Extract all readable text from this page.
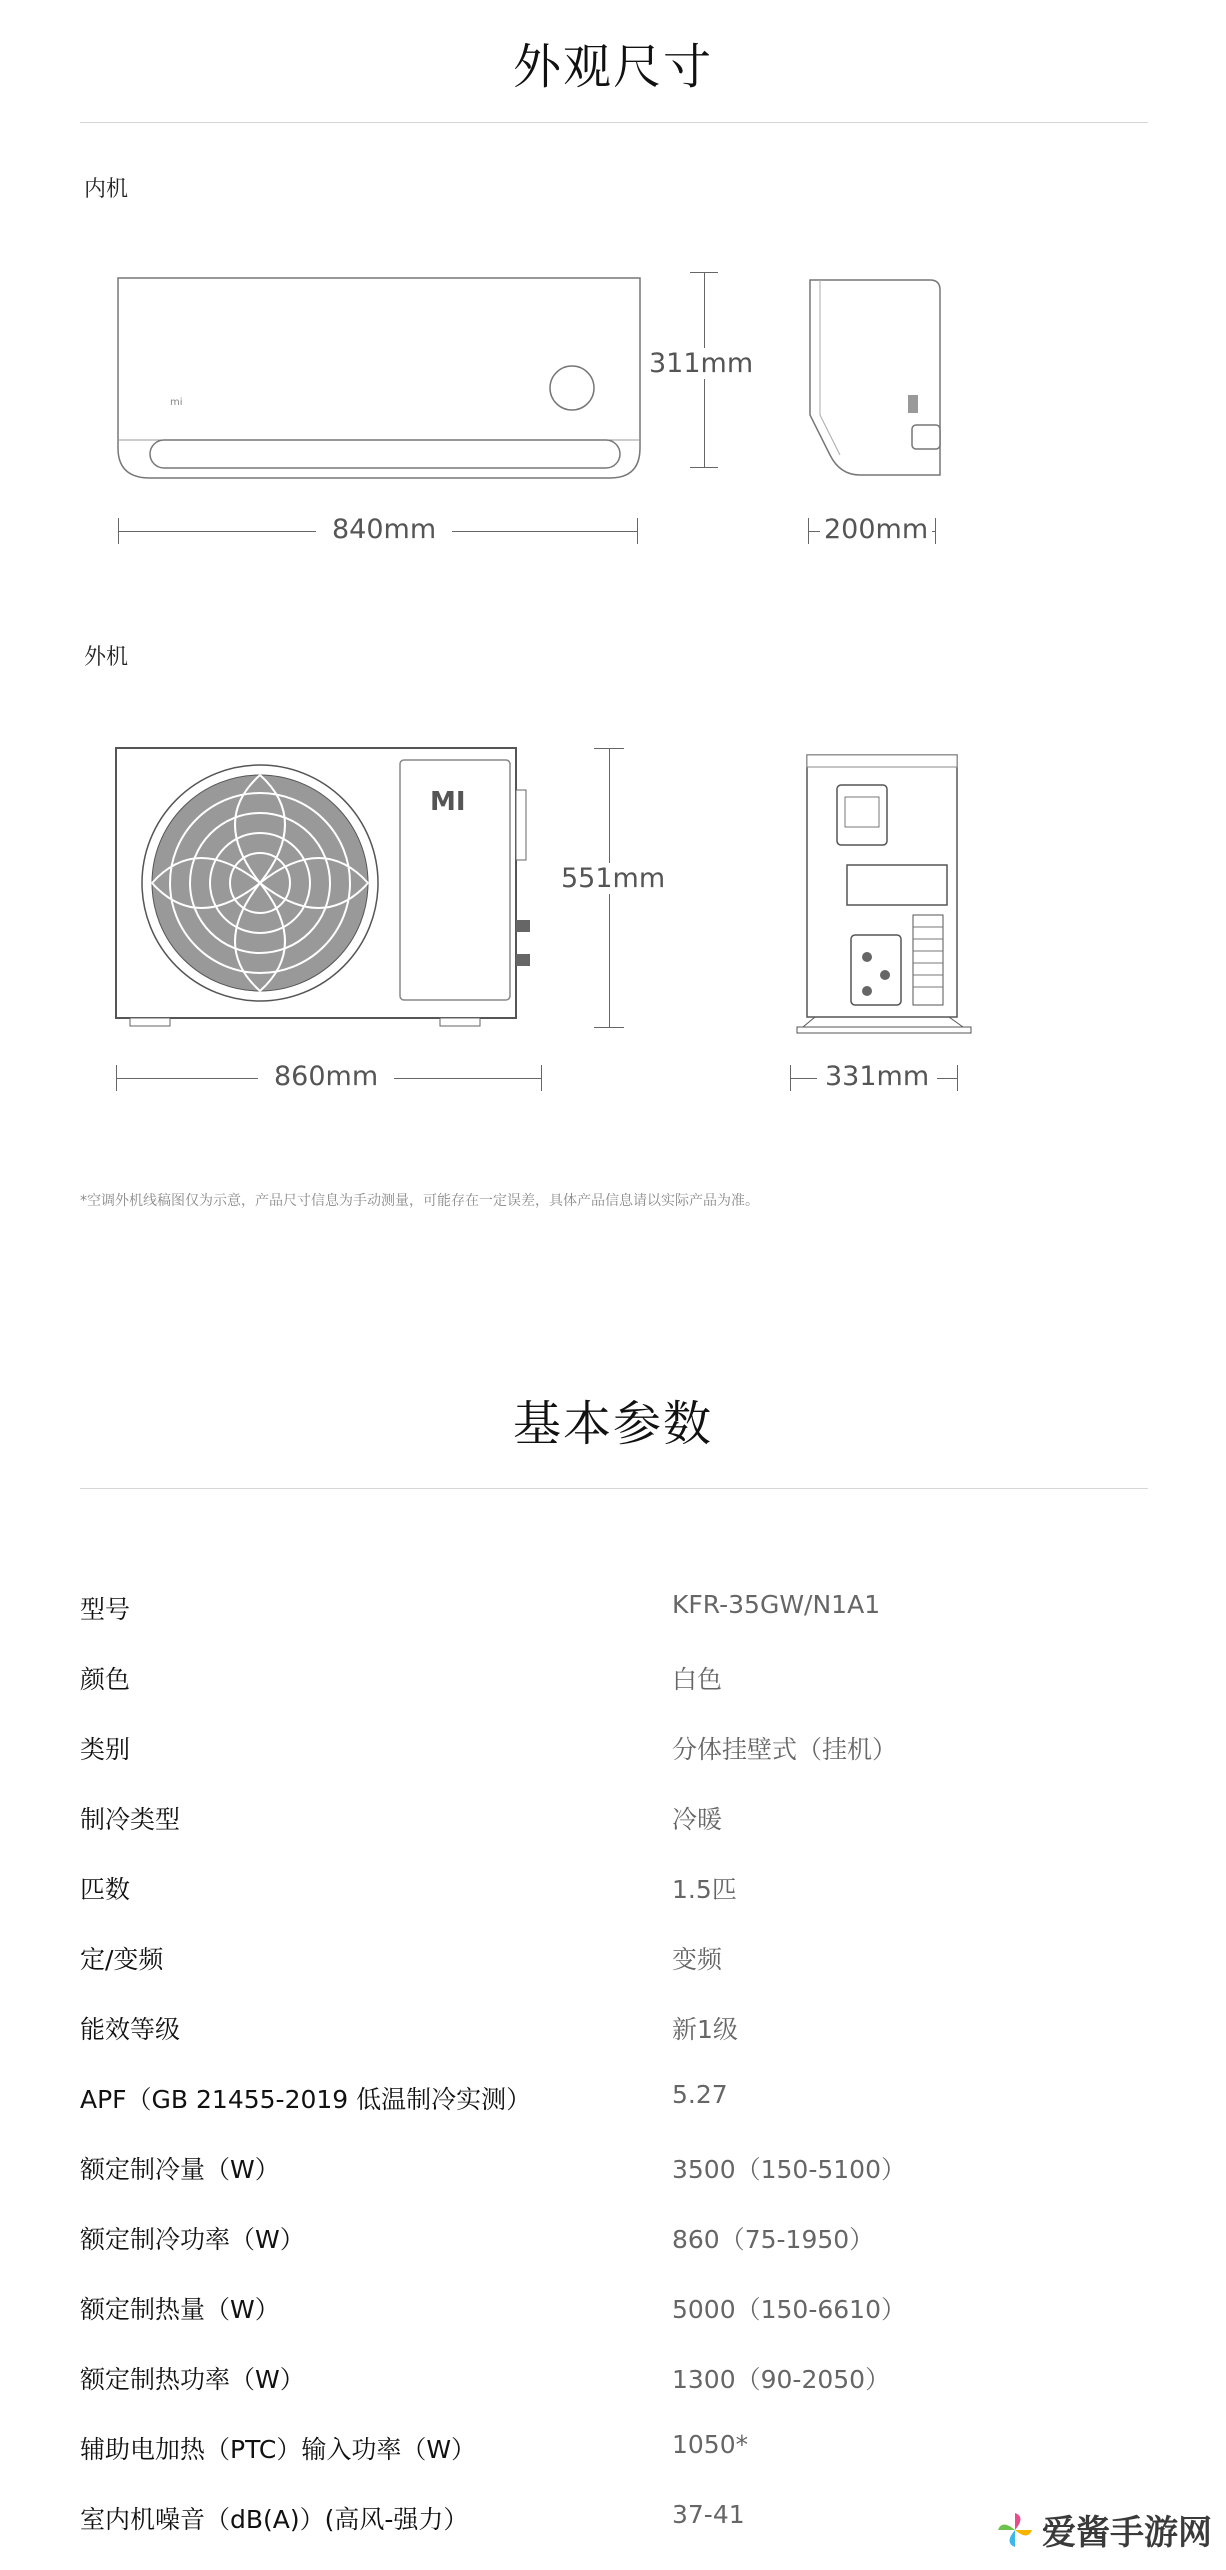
外观尺寸
内机
mi
311mm
840mm	200mm
外机
MI
551mm
860mm	331mm
*空调外机线稿图仅为示意，产品尺寸信息为手动测量，可能存在一定误差，具体产品信息请以实际产品为准。
基本参数
型号	KFR-35GW/N1A1
颜色	白色
类别	分体挂壁式（挂机）
制冷类型	冷暖
匹数	1.5匹
定/变频	变频
能效等级	新1级
APF（GB 21455-2019 低温制冷实测）	5.27
额定制冷量（W）	3500（150-5100）
额定制冷功率（W）	860（75-1950）
额定制热量（W）	5000（150-6610）
额定制热功率（W）	1300（90-2050）
辅助电加热（PTC）输入功率（W）	1050*
室内机噪音（dB(A)）(高风-强力）	37-41	爱酱手游网
